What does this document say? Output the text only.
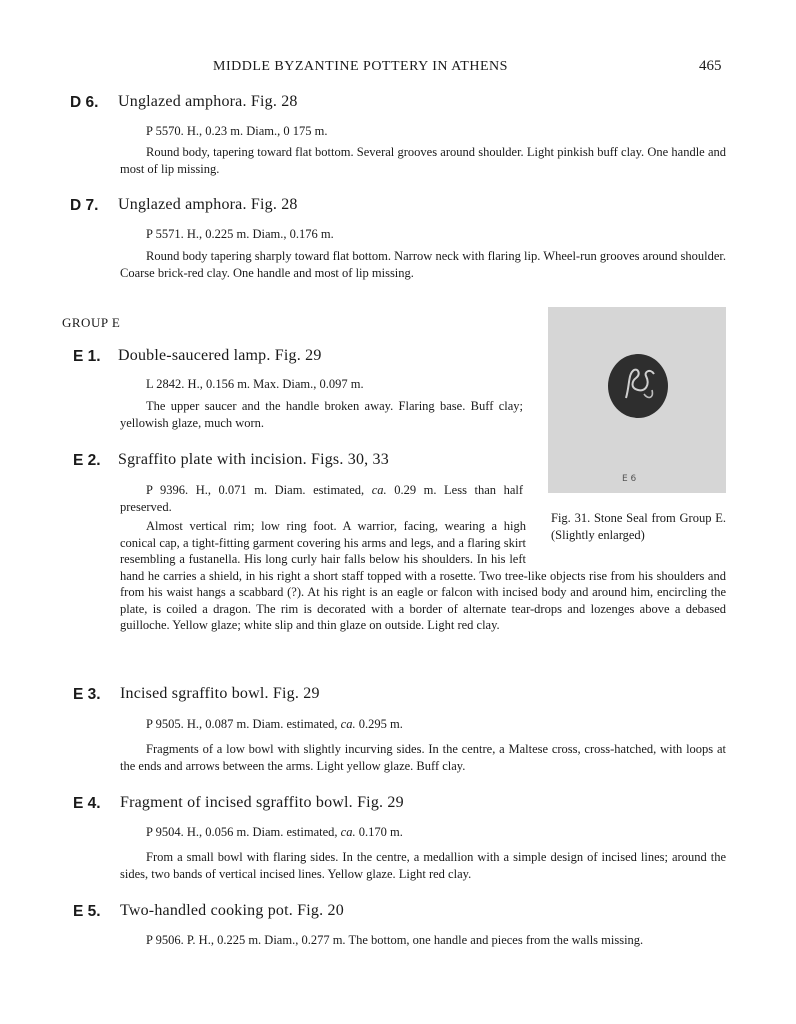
MIDDLE BYZANTINE POTTERY IN ATHENS	465
D 6. Unglazed amphora. Fig. 28
P 5570. H., 0.23 m. Diam., 0 175 m.
Round body, tapering toward flat bottom. Several grooves around shoulder. Light pinkish buff clay. One handle and most of lip missing.
D 7. Unglazed amphora. Fig. 28
P 5571. H., 0.225 m. Diam., 0.176 m.
Round body tapering sharply toward flat bottom. Narrow neck with flaring lip. Wheel-run grooves around shoulder. Coarse brick-red clay. One handle and most of lip missing.
GROUP E
E 6
Fig. 31. Stone Seal from Group E. (Slightly enlarged)
E 1. Double-saucered lamp. Fig. 29
L 2842. H., 0.156 m. Max. Diam., 0.097 m.
The upper saucer and the handle broken away. Flaring base. Buff clay; yellowish glaze, much worn.
E 2. Sgraffito plate with incision. Figs. 30, 33
P 9396. H., 0.071 m. Diam. estimated, ca. 0.29 m. Less than half preserved.
Almost vertical rim; low ring foot. A warrior, facing, wearing a high conical cap, a tight-fitting garment covering his arms and legs, and a flaring skirt resembling a fustanella. His long curly hair falls below his shoulders. In his left hand he carries a shield, in his right a short staff topped with a rosette. Two tree-like objects rise from his shoulders and from his waist hangs a scabbard (?). At his right is an eagle or falcon with incised body and around him, encircling the plate, is coiled a dragon. The rim is decorated with a border of alternate tear-drops and lozenges above a debased guilloche. Yellow glaze; white slip and thin glaze on outside. Light red clay.
E 3. Incised sgraffito bowl. Fig. 29
P 9505. H., 0.087 m. Diam. estimated, ca. 0.295 m.
Fragments of a low bowl with slightly incurving sides. In the centre, a Maltese cross, cross-hatched, with loops at the ends and arrows between the arms. Light yellow glaze. Buff clay.
E 4. Fragment of incised sgraffito bowl. Fig. 29
P 9504. H., 0.056 m. Diam. estimated, ca. 0.170 m.
From a small bowl with flaring sides. In the centre, a medallion with a simple design of incised lines; around the sides, two bands of vertical incised lines. Yellow glaze. Light red clay.
E 5. Two-handled cooking pot. Fig. 20
P 9506. P. H., 0.225 m. Diam., 0.277 m. The bottom, one handle and pieces from the walls missing.
